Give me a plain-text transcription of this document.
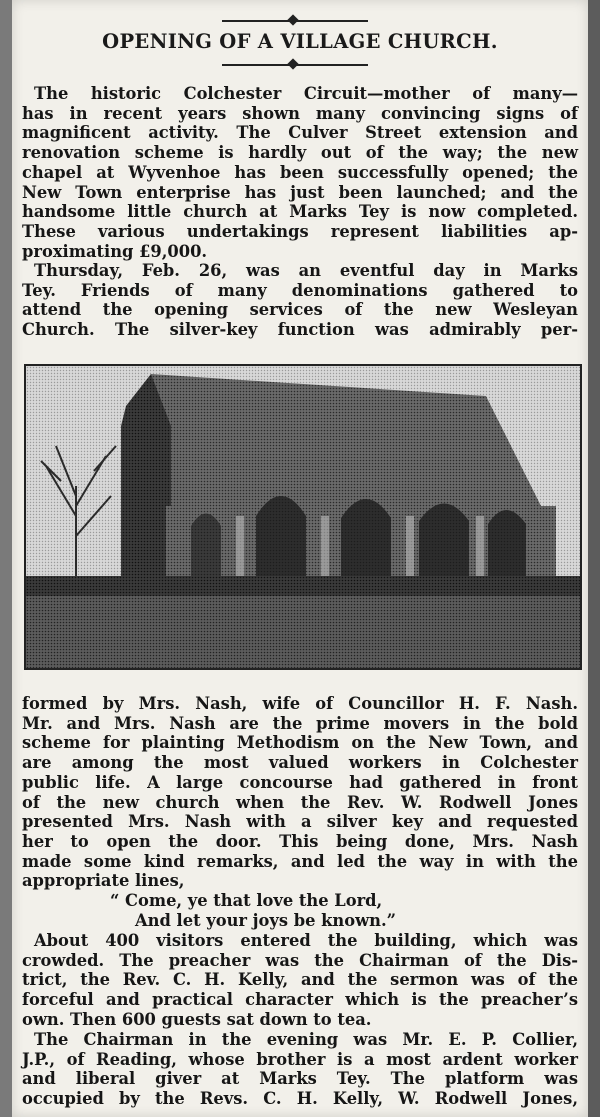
OPENING OF A VILLAGE CHURCH.
The historic Colchester Circuit—mother of many—
has in recent years shown many convincing signs of
magnificent activity. The Culver Street extension and
renovation scheme is hardly out of the way; the new
chapel at Wyvenhoe has been successfully opened; the
New Town enterprise has just been launched; and the
handsome little church at Marks Tey is now completed.
These various undertakings represent liabilities ap-
proximating £9,000.
Thursday, Feb. 26, was an eventful day in Marks
Tey. Friends of many denominations gathered to
attend the opening services of the new Wesleyan
Church. The silver-key function was admirably per-
formed by Mrs. Nash, wife of Councillor H. F. Nash.
Mr. and Mrs. Nash are the prime movers in the bold
scheme for plainting Methodism on the New Town, and
are among the most valued workers in Colchester
public life. A large concourse had gathered in front
of the new church when the Rev. W. Rodwell Jones
presented Mrs. Nash with a silver key and requested
her to open the door. This being done, Mrs. Nash
made some kind remarks, and led the way in with the
appropriate lines,
“ Come, ye that love the Lord,
And let your joys be known.”
About 400 visitors entered the building, which was
crowded. The preacher was the Chairman of the Dis-
trict, the Rev. C. H. Kelly, and the sermon was of the
forceful and practical character which is the preacher’s
own. Then 600 guests sat down to tea.
The Chairman in the evening was Mr. E. P. Collier,
J.P., of Reading, whose brother is a most ardent worker
and liberal giver at Marks Tey. The platform was
occupied by the Revs. C. H. Kelly, W. Rodwell Jones,
